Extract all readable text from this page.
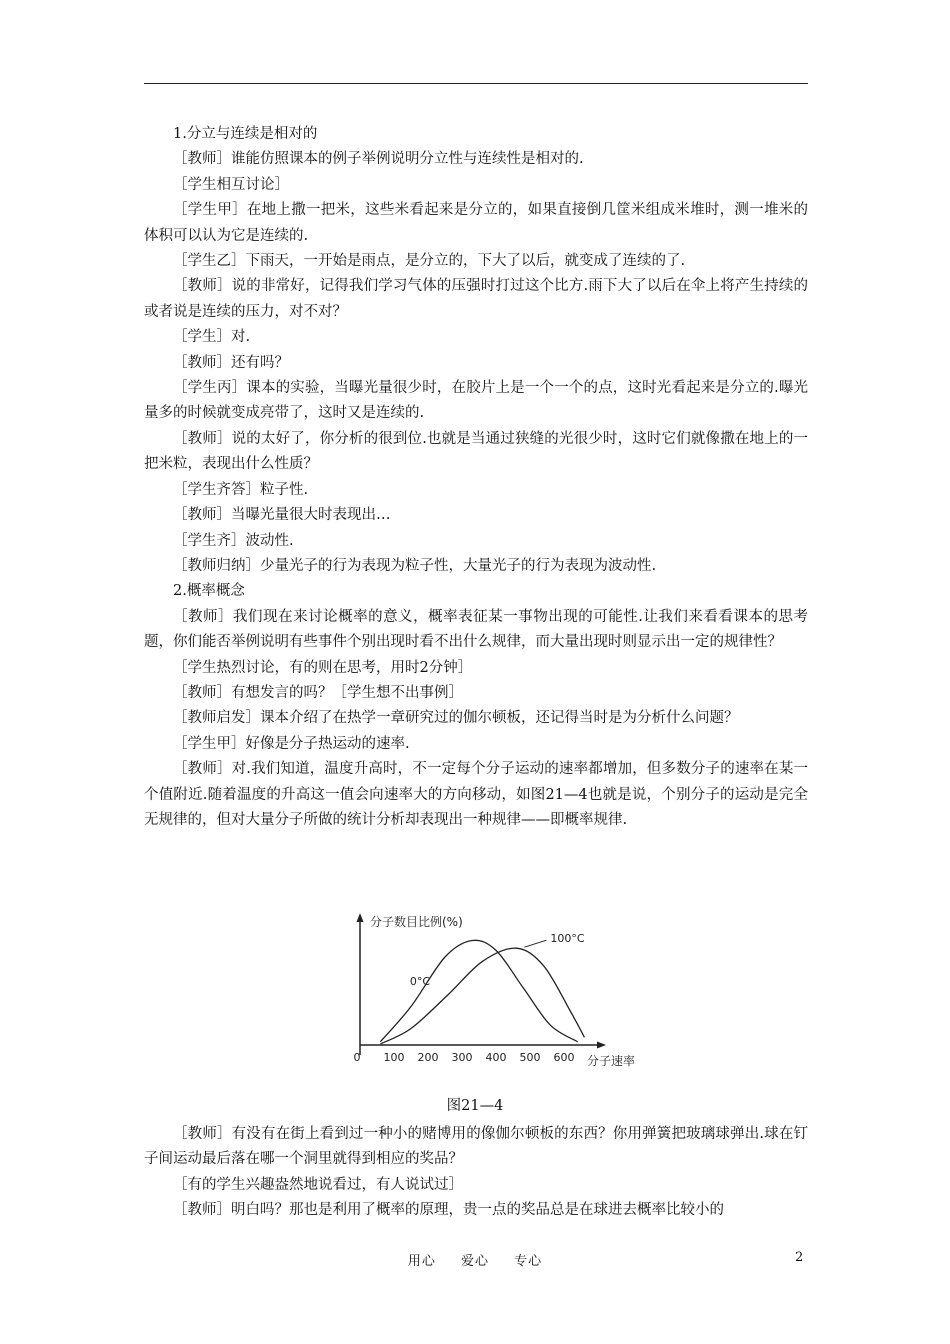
1.分立与连续是相对的

［教师］谁能仿照课本的例子举例说明分立性与连续性是相对的.

［学生相互讨论］

［学生甲］在地上撒一把米，这些米看起来是分立的，如果直接倒几筐米组成米堆时，测一堆米的体积可以认为它是连续的.

［学生乙］下雨天，一开始是雨点，是分立的，下大了以后，就变成了连续的了.

［教师］说的非常好，记得我们学习气体的压强时打过这个比方.雨下大了以后在伞上将产生持续的或者说是连续的压力，对不对？

［学生］对.

［教师］还有吗？

［学生丙］课本的实验，当曝光量很少时，在胶片上是一个一个的点，这时光看起来是分立的.曝光量多的时候就变成亮带了，这时又是连续的.

［教师］说的太好了，你分析的很到位.也就是当通过狭缝的光很少时，这时它们就像撒在地上的一把米粒，表现出什么性质？

［学生齐答］粒子性.

［教师］当曝光量很大时表现出…

［学生齐］波动性.

［教师归纳］少量光子的行为表现为粒子性，大量光子的行为表现为波动性.

2.概率概念

［教师］我们现在来讨论概率的意义，概率表征某一事物出现的可能性.让我们来看看课本的思考题，你们能否举例说明有些事件个别出现时看不出什么规律，而大量出现时则显示出一定的规律性？

［学生热烈讨论，有的则在思考，用时2分钟］

［教师］有想发言的吗？［学生想不出事例］

［教师启发］课本介绍了在热学一章研究过的伽尔顿板，还记得当时是为分析什么问题？

［学生甲］好像是分子热运动的速率.

［教师］对.我们知道，温度升高时，不一定每个分子运动的速率都增加，但多数分子的速率在某一个值附近.随着温度的升高这一值会向速率大的方向移动，如图21—4也就是说，个别分子的运动是完全无规律的，但对大量分子所做的统计分析却表现出一种规律——即概率规律.

分子数目比例(%)
分子速率
0 100 200 300 400 500 600
0°C
100°C
图21—4

［教师］有没有在街上看到过一种小的赌博用的像伽尔顿板的东西？你用弹簧把玻璃球弹出.球在钉子间运动最后落在哪一个洞里就得到相应的奖品？

［有的学生兴趣盎然地说看过，有人说试过］

［教师］明白吗？那也是利用了概率的原理，贵一点的奖品总是在球进去概率比较小的

用心 爱心 专心	2
